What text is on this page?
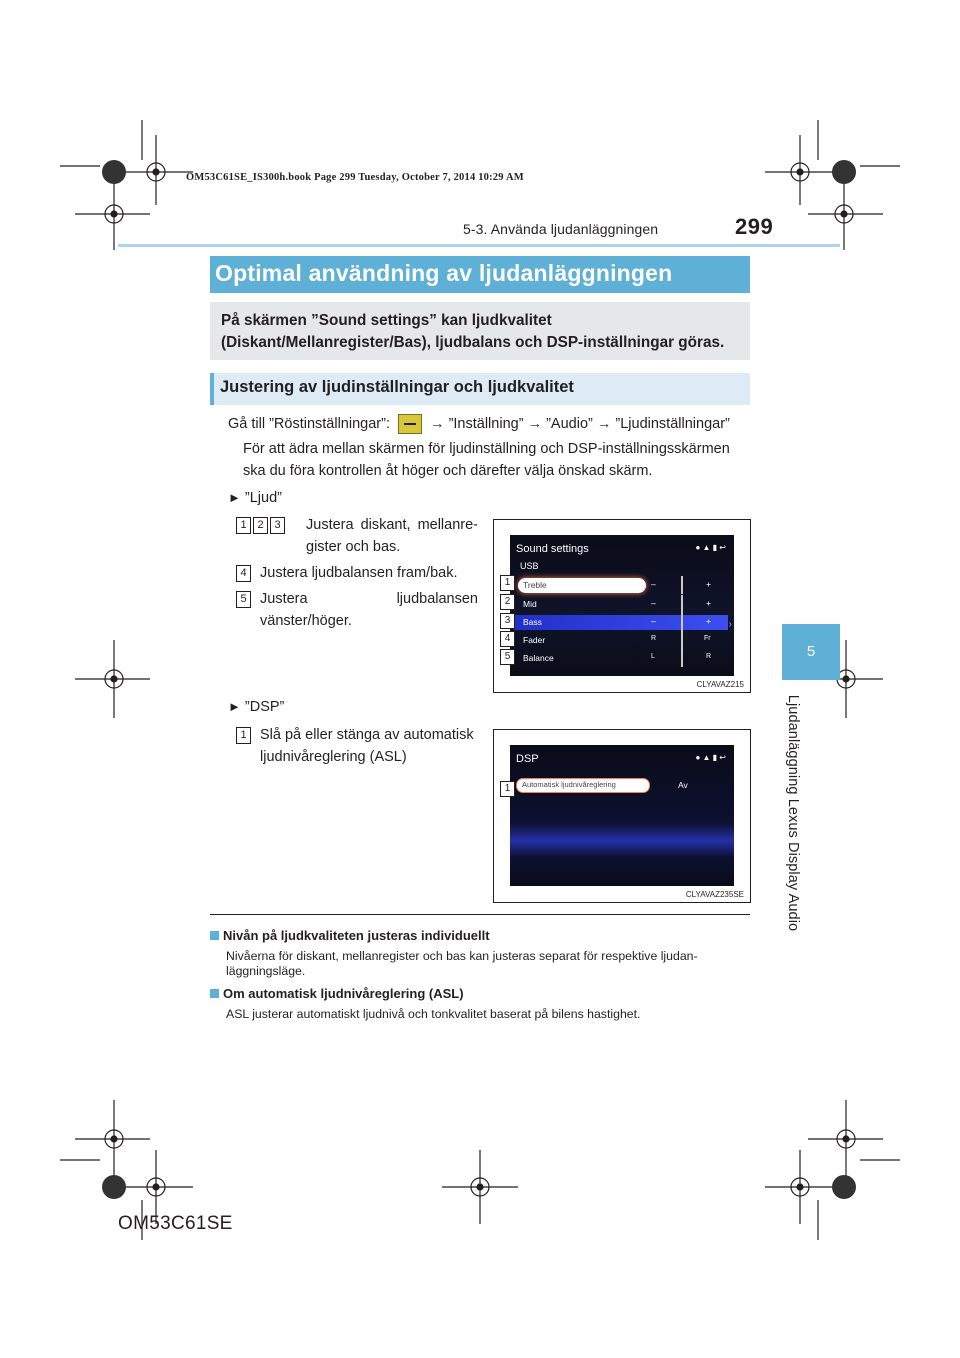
OM53C61SE_IS300h.book Page 299 Tuesday, October 7, 2014 10:29 AM
5-3. Använda ljudanläggningen	299
5
Ljudanläggning Lexus Display Audio
Optimal användning av ljudanläggningen
På skärmen ”Sound settings” kan ljudkvalitet (Diskant/Mellanregister/Bas), ljudbalans och DSP-inställningar göras.
Justering av ljudinställningar och ljudkvalitet
Gå till ”Röstinställningar”:	→ ”Inställning” → ”Audio” → ”Ljudinställningar”
För att ädra mellan skärmen för ljudinställning och DSP-inställningsskärmen ska du föra kontrollen åt höger och därefter välja önskad skärm.
► ”Ljud”
1 2 3	Justera diskant, mellanre-gister och bas.
4 Justera ljudbalansen fram/bak.
5 Justera ljudbalansen vänster/höger.
Sound settings	● ▲ ▮ ↩
USB
Treble	–	+
Mid	–	+
Bass	–	+
Fader	R	Fr
Balance	L	R
›
1
2
3
4
5
CLYAVAZ215
► ”DSP”
1 Slå på eller stänga av automatisk ljudnivåreglering (ASL)	DSP	● ▲ ▮ ↩
Automatisk ljudnivåreglering	Av
1
CLYAVAZ235SE
Nivån på ljudkvaliteten justeras individuellt
Nivåerna för diskant, mellanregister och bas kan justeras separat för respektive ljudan-läggningsläge.
Om automatisk ljudnivåreglering (ASL)
ASL justerar automatiskt ljudnivå och tonkvalitet baserat på bilens hastighet.
OM53C61SE
